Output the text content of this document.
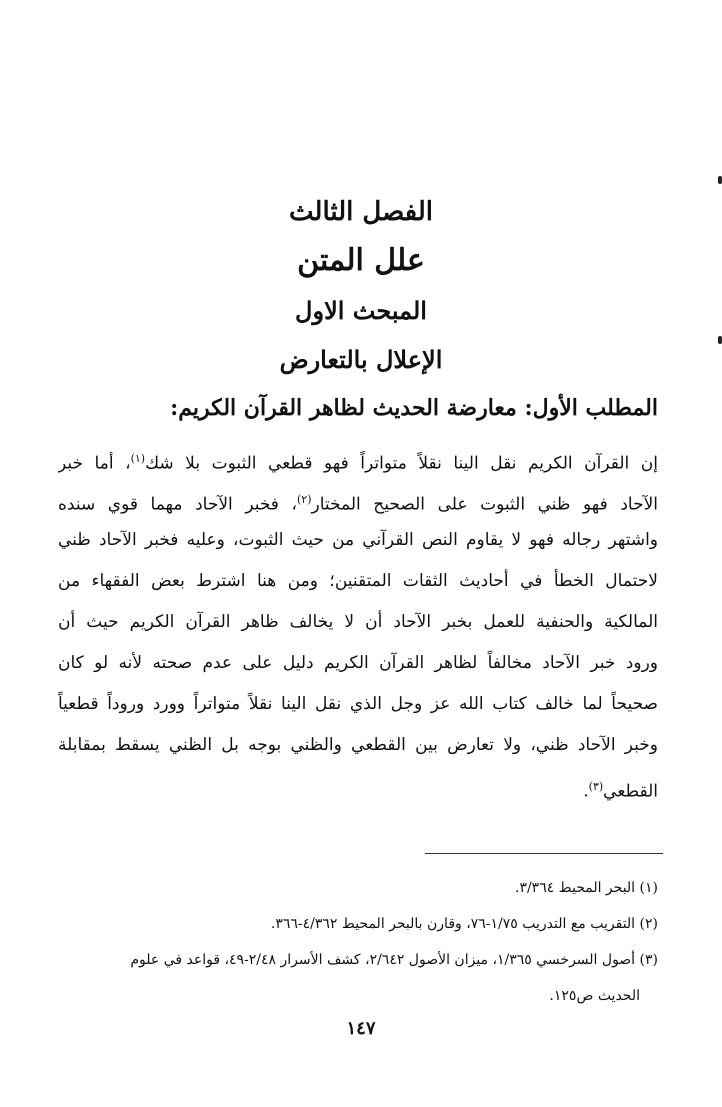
الفصل الثالث
علل المتن
المبحث الاول
الإعلال بالتعارض
المطلب الأول: معارضة الحديث لظاهر القرآن الكريم:
إن القرآن الكريم نقل الينا نقلاً متواتراً فهو قطعي الثبوت بلا شك$^{(١)}$، أما خبر
الآحاد فهو ظني الثبوت على الصحيح المختار$^{(٢)}$، فخبر الآحاد مهما قوي سنده
واشتهر رجاله فهو لا يقاوم النص القرآني من حيث الثبوت، وعليه فخبر الآحاد ظني
لاحتمال الخطأ في أحاديث الثقات المتقنين؛ ومن هنا اشترط بعض الفقهاء من
المالكية والحنفية للعمل بخبر الآحاد أن لا يخالف ظاهر القرآن الكريم حيث أن
ورود خبر الآحاد مخالفاً لظاهر القرآن الكريم دليل على عدم صحته لأنه لو كان
صحيحاً لما خالف كتاب الله عز وجل الذي نقل الينا نقلاً متواتراً وورد وروداً قطعياً
وخبر الآحاد ظني، ولا تعارض بين القطعي والظني بوجه بل الظني يسقط بمقابلة
القطعي$^{(٣)}$.
(١) البحر المحيط ٣/٣٦٤.
(٢) التقريب مع التدريب ١/٧٥-٧٦، وقارن بالبحر المحيط ٤/٣٦٢-٣٦٦.
(٣) أصول السرخسي ١/٣٦٥، ميزان الأصول ٢/٦٤٢، كشف الأسرار ٢/٤٨-٤٩، قواعد في علوم
الحديث ص١٢٥.
١٤٧
